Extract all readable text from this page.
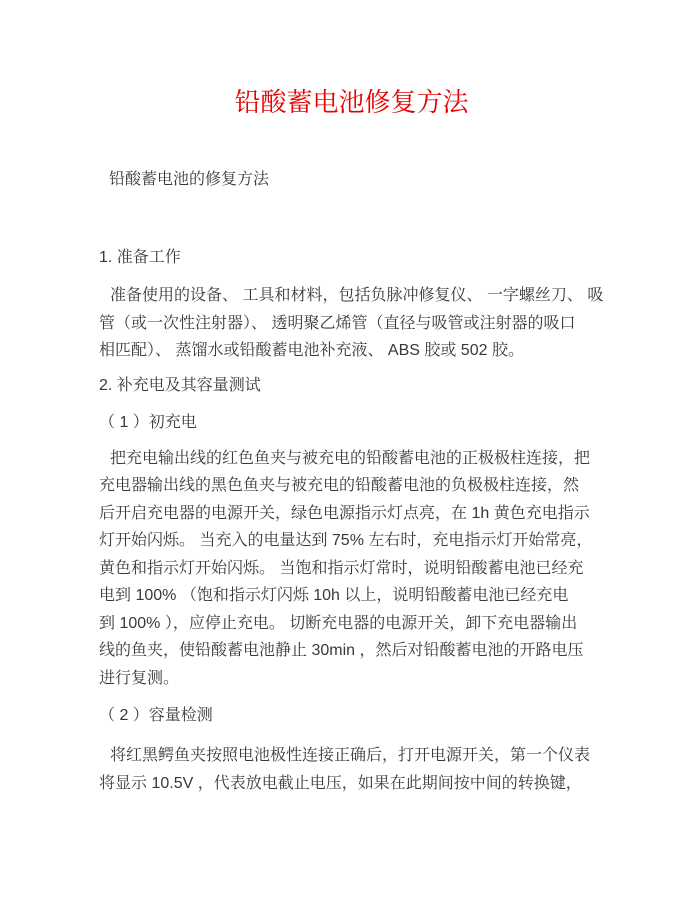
铅酸蓄电池修复方法

铅酸蓄电池的修复方法

1. 准备工作
准备使用的设备、 工具和材料，包括负脉冲修复仪、 一字螺丝刀、 吸
管（或一次性注射器）、 透明聚乙烯管（直径与吸管或注射器的吸口
相匹配）、 蒸馏水或铅酸蓄电池补充液、 ABS 胶或 502 胶。
2. 补充电及其容量测试

（ 1 ）初充电

把充电输出线的红色鱼夹与被充电的铅酸蓄电池的正极极柱连接，把
充电器输出线的黑色鱼夹与被充电的铅酸蓄电池的负极极柱连接，然
后开启充电器的电源开关，绿色电源指示灯点亮，在 1h 黄色充电指示
灯开始闪烁。 当充入的电量达到 75% 左右时，充电指示灯开始常亮，
黄色和指示灯开始闪烁。 当饱和指示灯常时，说明铅酸蓄电池已经充
电到 100% （饱和指示灯闪烁 10h 以上，说明铅酸蓄电池已经充电
到 100% ），应停止充电。 切断充电器的电源开关，卸下充电器输出
线的鱼夹，使铅酸蓄电池静止 30min ，然后对铅酸蓄电池的开路电压
进行复测。

（ 2 ）容量检测

将红黑鳄鱼夹按照电池极性连接正确后，打开电源开关，第一个仪表
将显示 10.5V ，代表放电截止电压，如果在此期间按中间的转换键，
